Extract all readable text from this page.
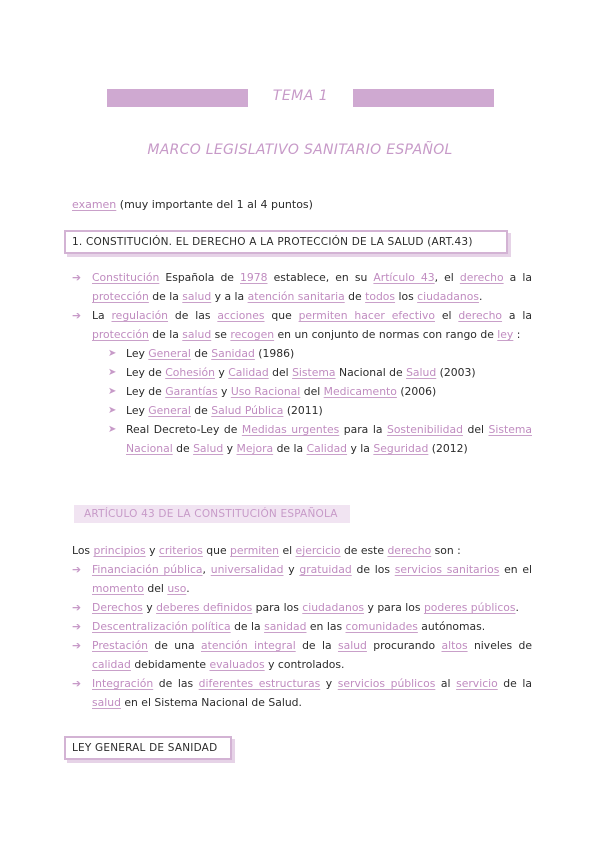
TEMA 1
MARCO LEGISLATIVO SANITARIO ESPAÑOL
examen (muy importante del 1 al 4 puntos)
1. CONSTITUCIÓN. EL DERECHO A LA PROTECCIÓN DE LA SALUD (ART.43)

➔ Constitución Española de 1978 establece, en su Artículo 43, el derecho a la protección de la salud y a la atención sanitaria de todos los ciudadanos.

➔ La regulación de las acciones que permiten hacer efectivo el derecho a la protección de la salud se recogen en un conjunto de normas con rango de ley :

➤ Ley General de Sanidad (1986)

➤ Ley de Cohesión y Calidad del Sistema Nacional de Salud (2003)

➤ Ley de Garantías y Uso Racional del Medicamento (2006)

➤ Ley General de Salud Pública (2011)

➤ Real Decreto-Ley de Medidas urgentes para la Sostenibilidad del Sistema Nacional de Salud y Mejora de la Calidad y la Seguridad (2012)

ARTÍCULO 43 DE LA CONSTITUCIÓN ESPAÑOLA

Los principios y criterios que permiten el ejercicio de este derecho son :

➔ Financiación pública, universalidad y gratuidad de los servicios sanitarios en el momento del uso.

➔ Derechos y deberes definidos para los ciudadanos y para los poderes públicos.

➔ Descentralización política de la sanidad en las comunidades autónomas.

➔ Prestación de una atención integral de la salud procurando altos niveles de calidad debidamente evaluados y controlados.

➔ Integración de las diferentes estructuras y servicios públicos al servicio de la salud en el Sistema Nacional de Salud.

LEY GENERAL DE SANIDAD
